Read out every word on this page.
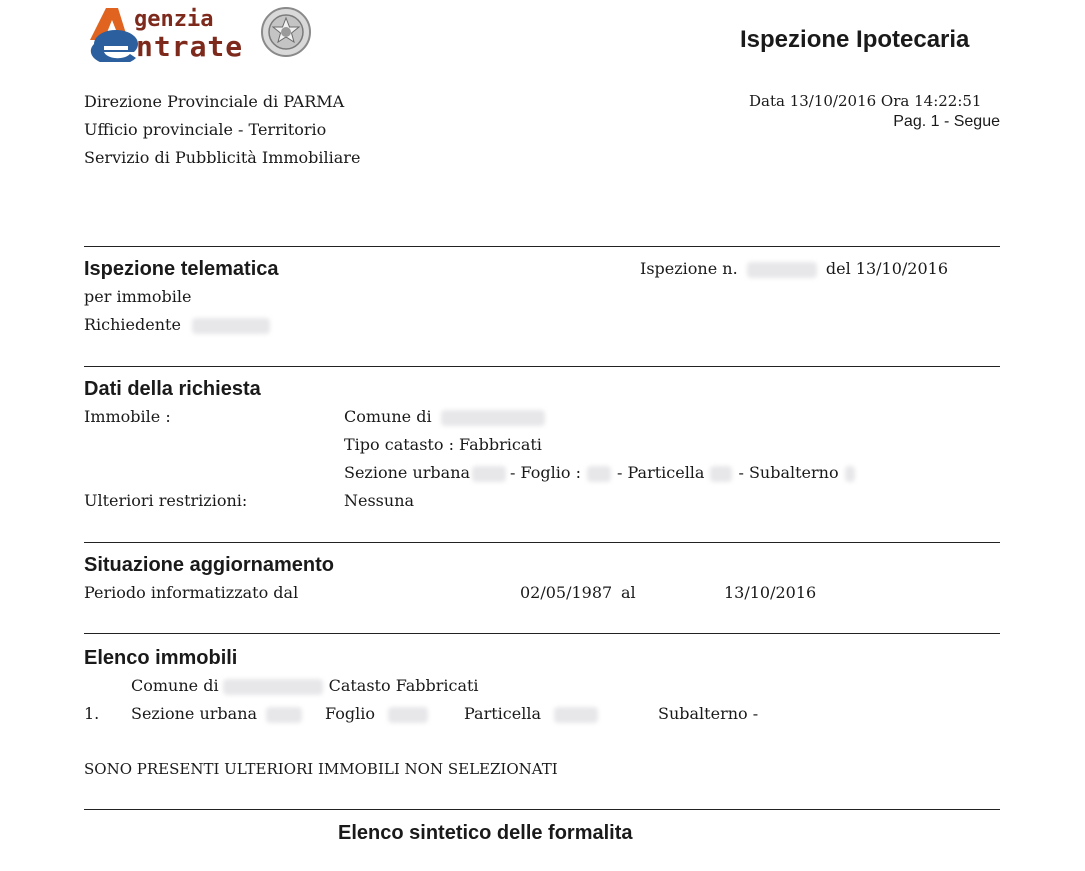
genzia
ntrate	Ispezione Ipotecaria
Direzione Provinciale di PARMA
Ufficio provinciale - Territorio
Servizio di Pubblicità Immobiliare
Data 13/10/2016 Ora 14:22:51
Pag. 1 - Segue
Ispezione telematica
per immobile
Richiedente
Ispezione n.	del 13/10/2016
Dati della richiesta
Immobile :	Comune di
Tipo catasto : Fabbricati
Sezione urbana	- Foglio : - Particella - Subalterno
Ulteriori restrizioni:	Nessuna
Situazione aggiornamento
Periodo informatizzato dal	02/05/1987 al	13/10/2016
Elenco immobili
Comune di	Catasto Fabbricati
1. Sezione urbana	Foglio	Particella	Subalterno -
SONO PRESENTI ULTERIORI IMMOBILI NON SELEZIONATI
Elenco sintetico delle formalita
